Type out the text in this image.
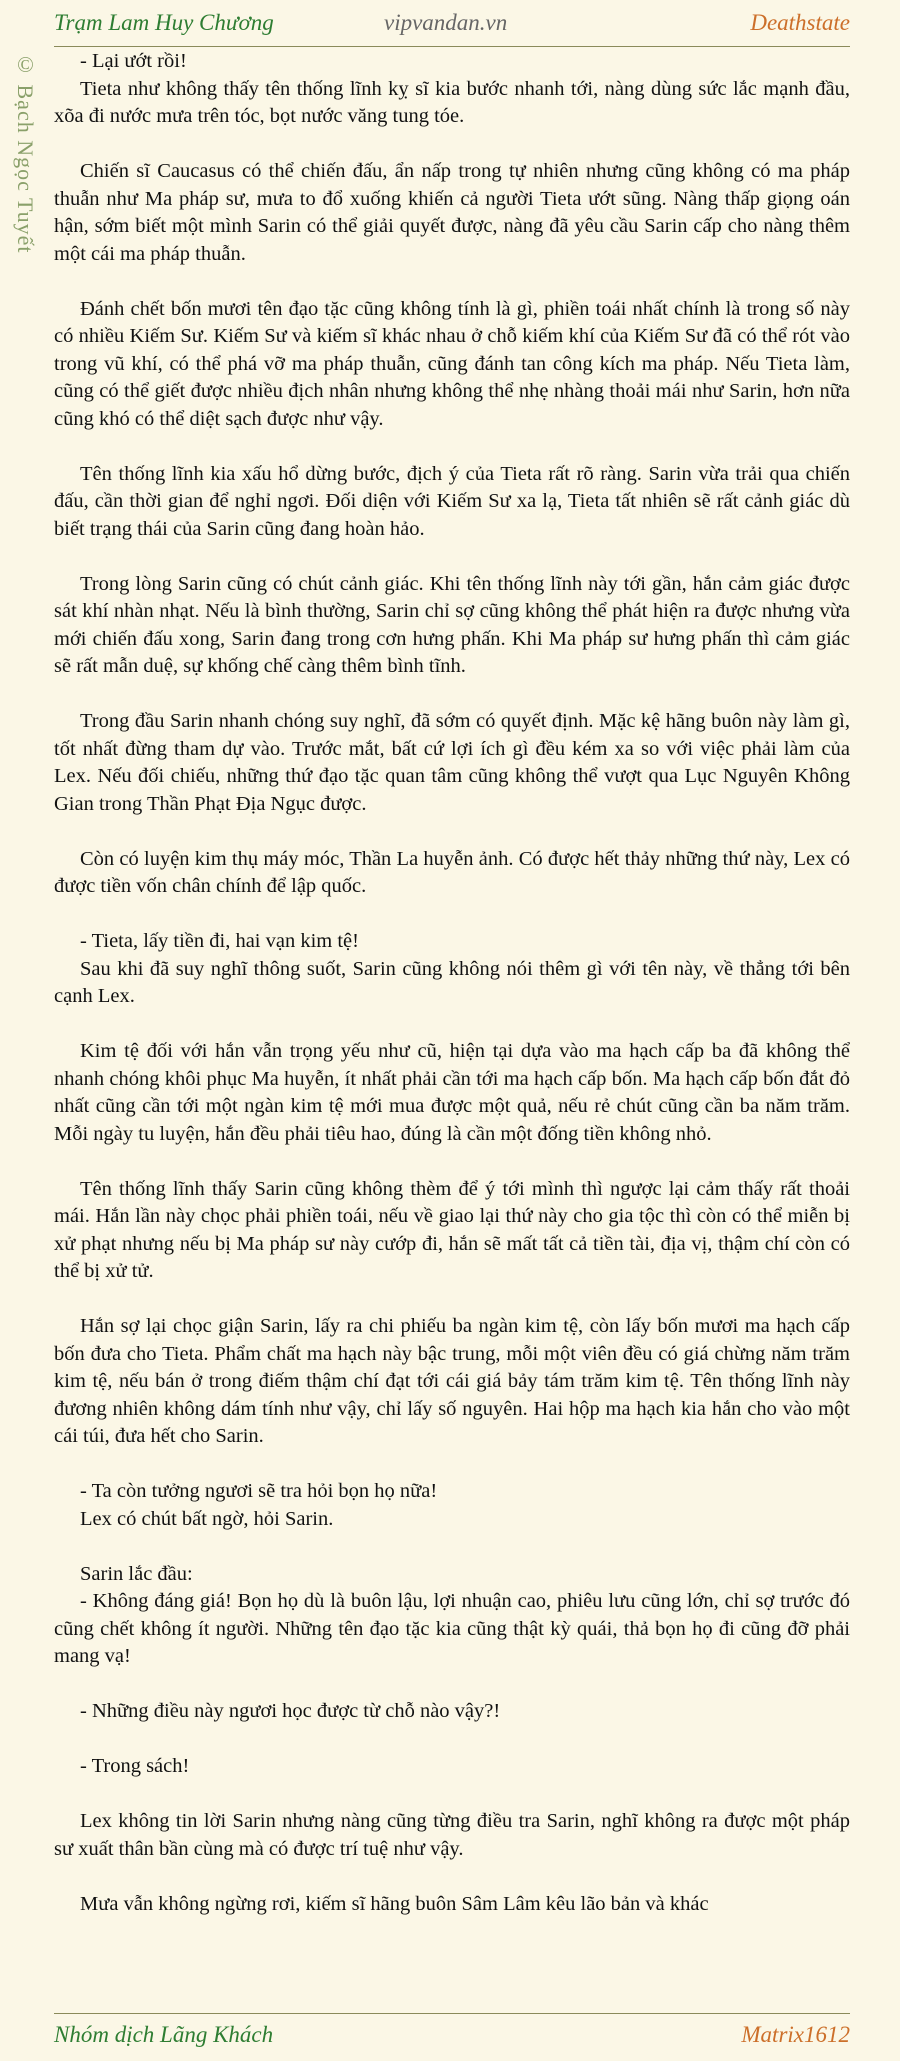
Trạm Lam Huy Chương	vipvandan.vn	Deathstate
© Bạch Ngọc Tuyết	- Lại ướt rồi!

Tieta như không thấy tên thống lĩnh kỵ sĩ kia bước nhanh tới, nàng dùng sức lắc mạnh đầu, xõa đi nước mưa trên tóc, bọt nước văng tung tóe.

Chiến sĩ Caucasus có thể chiến đấu, ẩn nấp trong tự nhiên nhưng cũng không có ma pháp thuẫn như Ma pháp sư, mưa to đổ xuống khiến cả người Tieta ướt sũng. Nàng thấp giọng oán hận, sớm biết một mình Sarin có thể giải quyết được, nàng đã yêu cầu Sarin cấp cho nàng thêm một cái ma pháp thuẫn.

Đánh chết bốn mươi tên đạo tặc cũng không tính là gì, phiền toái nhất chính là trong số này có nhiều Kiếm Sư. Kiếm Sư và kiếm sĩ khác nhau ở chỗ kiếm khí của Kiếm Sư đã có thể rót vào trong vũ khí, có thể phá vỡ ma pháp thuẫn, cũng đánh tan công kích ma pháp. Nếu Tieta làm, cũng có thể giết được nhiều địch nhân nhưng không thể nhẹ nhàng thoải mái như Sarin, hơn nữa cũng khó có thể diệt sạch được như vậy.

Tên thống lĩnh kia xấu hổ dừng bước, địch ý của Tieta rất rõ ràng. Sarin vừa trải qua chiến đấu, cần thời gian để nghỉ ngơi. Đối diện với Kiếm Sư xa lạ, Tieta tất nhiên sẽ rất cảnh giác dù biết trạng thái của Sarin cũng đang hoàn hảo.

Trong lòng Sarin cũng có chút cảnh giác. Khi tên thống lĩnh này tới gần, hắn cảm giác được sát khí nhàn nhạt. Nếu là bình thường, Sarin chỉ sợ cũng không thể phát hiện ra được nhưng vừa mới chiến đấu xong, Sarin đang trong cơn hưng phấn. Khi Ma pháp sư hưng phấn thì cảm giác sẽ rất mẫn duệ, sự khống chế càng thêm bình tĩnh.

Trong đầu Sarin nhanh chóng suy nghĩ, đã sớm có quyết định. Mặc kệ hãng buôn này làm gì, tốt nhất đừng tham dự vào. Trước mắt, bất cứ lợi ích gì đều kém xa so với việc phải làm của Lex. Nếu đối chiếu, những thứ đạo tặc quan tâm cũng không thể vượt qua Lục Nguyên Không Gian trong Thần Phạt Địa Ngục được.

Còn có luyện kim thụ máy móc, Thần La huyễn ảnh. Có được hết thảy những thứ này, Lex có được tiền vốn chân chính để lập quốc.

- Tieta, lấy tiền đi, hai vạn kim tệ!

Sau khi đã suy nghĩ thông suốt, Sarin cũng không nói thêm gì với tên này, về thẳng tới bên cạnh Lex.

Kim tệ đối với hắn vẫn trọng yếu như cũ, hiện tại dựa vào ma hạch cấp ba đã không thể nhanh chóng khôi phục Ma huyễn, ít nhất phải cần tới ma hạch cấp bốn. Ma hạch cấp bốn đắt đỏ nhất cũng cần tới một ngàn kim tệ mới mua được một quả, nếu rẻ chút cũng cần ba năm trăm. Mỗi ngày tu luyện, hắn đều phải tiêu hao, đúng là cần một đống tiền không nhỏ.

Tên thống lĩnh thấy Sarin cũng không thèm để ý tới mình thì ngược lại cảm thấy rất thoải mái. Hắn lần này chọc phải phiền toái, nếu về giao lại thứ này cho gia tộc thì còn có thể miễn bị xử phạt nhưng nếu bị Ma pháp sư này cướp đi, hắn sẽ mất tất cả tiền tài, địa vị, thậm chí còn có thể bị xử tử.

Hắn sợ lại chọc giận Sarin, lấy ra chi phiếu ba ngàn kim tệ, còn lấy bốn mươi ma hạch cấp bốn đưa cho Tieta. Phẩm chất ma hạch này bậc trung, mỗi một viên đều có giá chừng năm trăm kim tệ, nếu bán ở trong điếm thậm chí đạt tới cái giá bảy tám trăm kim tệ. Tên thống lĩnh này đương nhiên không dám tính như vậy, chỉ lấy số nguyên. Hai hộp ma hạch kia hắn cho vào một cái túi, đưa hết cho Sarin.

- Ta còn tưởng ngươi sẽ tra hỏi bọn họ nữa!

Lex có chút bất ngờ, hỏi Sarin.

Sarin lắc đầu:

- Không đáng giá! Bọn họ dù là buôn lậu, lợi nhuận cao, phiêu lưu cũng lớn, chỉ sợ trước đó cũng chết không ít người. Những tên đạo tặc kia cũng thật kỳ quái, thả bọn họ đi cũng đỡ phải mang vạ!

- Những điều này ngươi học được từ chỗ nào vậy?!

- Trong sách!

Lex không tin lời Sarin nhưng nàng cũng từng điều tra Sarin, nghĩ không ra được một pháp sư xuất thân bần cùng mà có được trí tuệ như vậy.

Mưa vẫn không ngừng rơi, kiếm sĩ hãng buôn Sâm Lâm kêu lão bản và khác

Nhóm dịch Lãng Khách	Matrix1612
